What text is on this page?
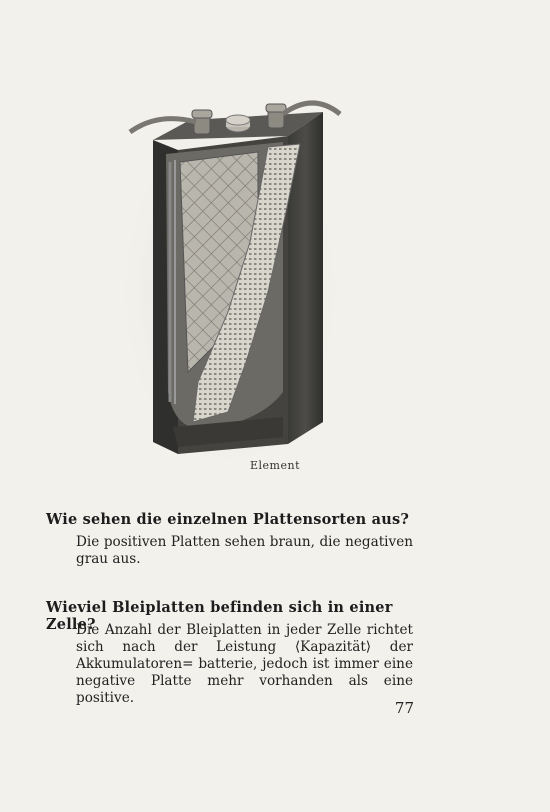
Element
Wie sehen die einzelnen Plattensorten aus?
Die positiven Platten sehen braun, die negativen grau aus.
Wieviel Bleiplatten befinden sich in einer Zelle?
Die Anzahl der Bleiplatten in jeder Zelle richtet sich nach der Leistung ⟨Kapazität⟩ der Akkumulatoren= batterie, jedoch ist immer eine negative Platte mehr vorhanden als eine positive.
77
